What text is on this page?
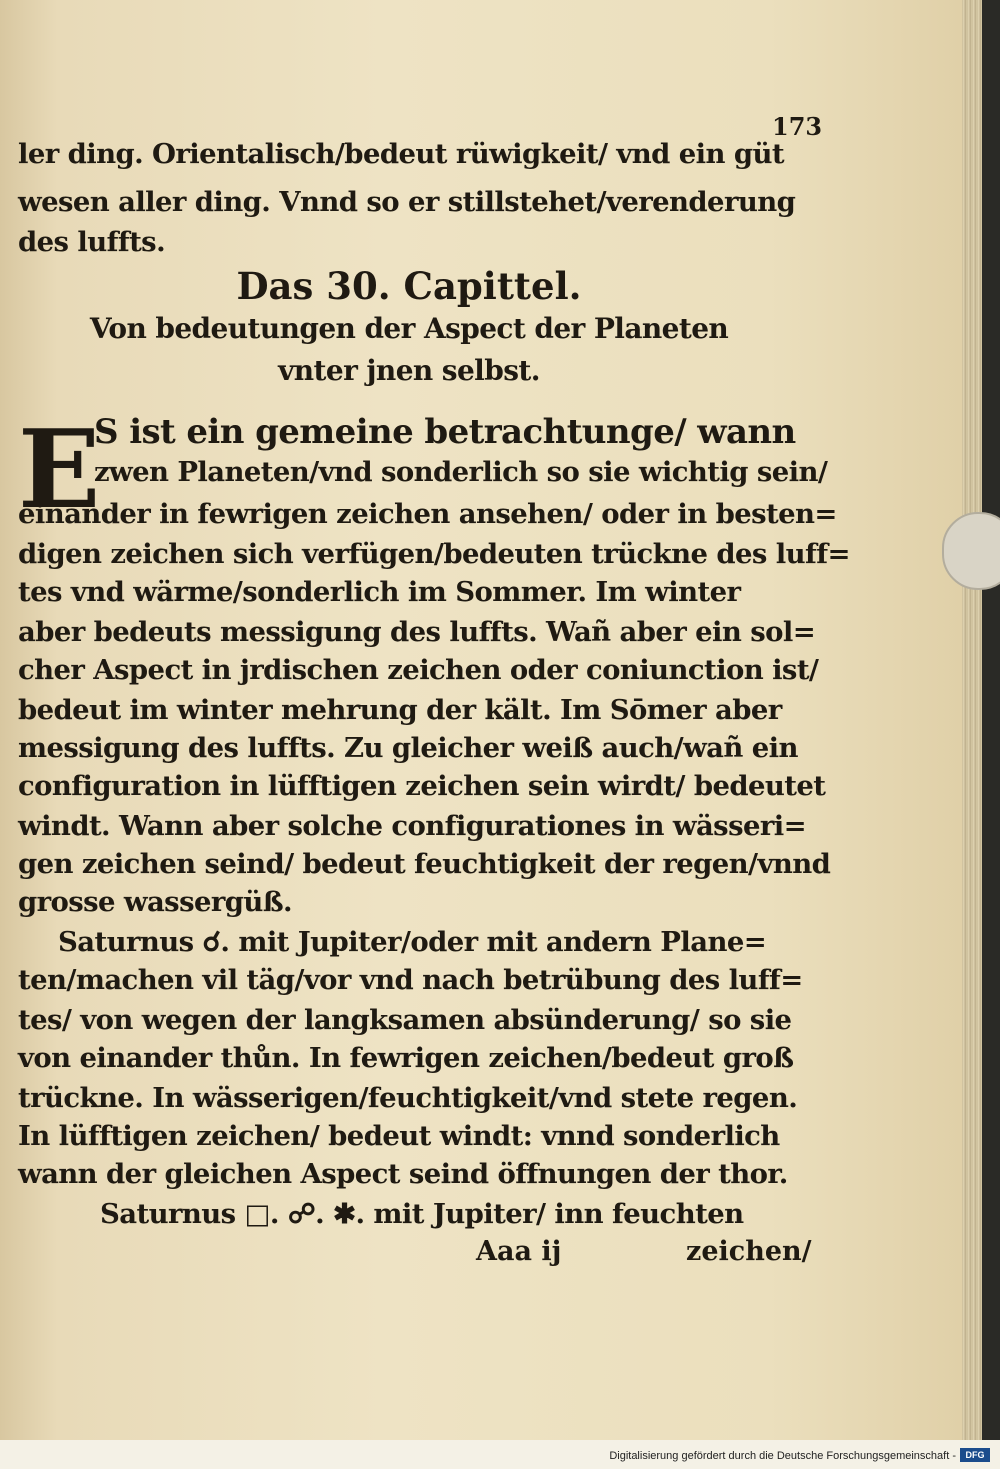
173
ler ding. Orientalisch/bedeut rüwigkeit/ vnd ein güt
wesen aller ding. Vnnd so er stillstehet/verenderung
des luffts.
Das 30. Capittel.
Von bedeutungen der Aspect der Planeten
vnter jnen selbst.
E
S ist ein gemeine betrachtunge/ wann
zwen Planeten/vnd sonderlich so sie wichtig sein/
einander in fewrigen zeichen ansehen/ oder in besten=
digen zeichen sich verfügen/bedeuten trückne des luff=
tes vnd wärme/sonderlich im Sommer. Im winter
aber bedeuts messigung des luffts. Wañ aber ein sol=
cher Aspect in jrdischen zeichen oder coniunction ist/
bedeut im winter mehrung der kält. Im Sōmer aber
messigung des luffts. Zu gleicher weiß auch/wañ ein
configuration in lüfftigen zeichen sein wirdt/ bedeutet
windt. Wann aber solche configurationes in wässeri=
gen zeichen seind/ bedeut feuchtigkeit der regen/vnnd
grosse wassergüß.
Saturnus ☌. mit Jupiter/oder mit andern Plane=
ten/machen vil täg/vor vnd nach betrübung des luff=
tes/ von wegen der langksamen absünderung/ so sie
von einander thůn. In fewrigen zeichen/bedeut groß
trückne. In wässerigen/feuchtigkeit/vnd stete regen.
In lüfftigen zeichen/ bedeut windt: vnnd sonderlich
wann der gleichen Aspect seind öffnungen der thor.
Saturnus □. ☍. ✱. mit Jupiter/ inn feuchten
Aaa ij	zeichen/
Digitalisierung gefördert durch die Deutsche Forschungsgemeinschaft -	DFG
